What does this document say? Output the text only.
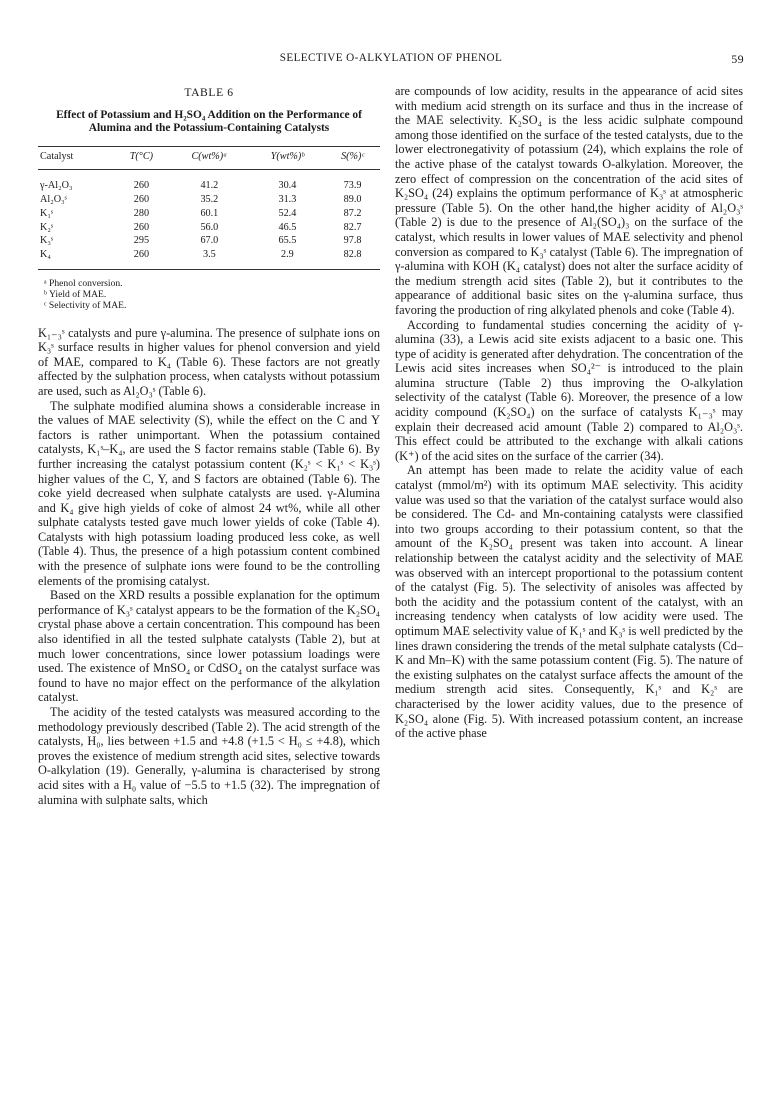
SELECTIVE O-ALKYLATION OF PHENOL	59
TABLE 6
Effect of Potassium and H₂SO₄ Addition on the Performance of Alumina and the Potassium-Containing Catalysts
Catalyst	T(°C)	C(wt%)ᵃ	Y(wt%)ᵇ	S(%)ᶜ
γ-Al₂O₃	260	41.2	30.4	73.9
Al₂O₃ˢ	260	35.2	31.3	89.0
K₁ˢ	280	60.1	52.4	87.2
K₂ˢ	260	56.0	46.5	82.7
K₃ˢ	295	67.0	65.5	97.8
K₄	260	3.5	2.9	82.8
ᵃ Phenol conversion.
ᵇ Yield of MAE.
ᶜ Selectivity of MAE.

K₁₋₃ˢ catalysts and pure γ-alumina. The presence of sulphate ions on K₃ˢ surface results in higher values for phenol conversion and yield of MAE, compared to K₄ (Table 6). These factors are not greatly affected by the sulphation process, when catalysts without potassium are used, such as Al₂O₃ˢ (Table 6).

The sulphate modified alumina shows a considerable increase in the values of MAE selectivity (S), while the effect on the C and Y factors is rather unimportant. When the potassium contained catalysts, K₁ˢ–K₄, are used the S factor remains stable (Table 6). By further increasing the catalyst potassium content (K₂ˢ < K₁ˢ < K₃ˢ) higher values of the C, Y, and S factors are obtained (Table 6). The coke yield decreased when sulphate catalysts are used. γ-Alumina and K₄ give high yields of coke of almost 24 wt%, while all other sulphate catalysts tested gave much lower yields of coke (Table 4). Catalysts with high potassium loading produced less coke, as well (Table 4). Thus, the presence of a high potassium content combined with the presence of sulphate ions were found to be the controlling elements of the promising catalyst.

Based on the XRD results a possible explanation for the optimum performance of K₃ˢ catalyst appears to be the formation of the K₂SO₄ crystal phase above a certain concentration. This compound has been also identified in all the tested sulphate catalysts (Table 2), but at much lower concentrations, since lower potassium loadings were used. The existence of MnSO₄ or CdSO₄ on the catalyst surface was found to have no major effect on the performance of the alkylation catalyst.

The acidity of the tested catalysts was measured according to the methodology previously described (Table 2). The acid strength of the catalysts, H₀, lies between +1.5 and +4.8 (+1.5 < H₀ ≤ +4.8), which proves the existence of medium strength acid sites, selective towards O-alkylation (19). Generally, γ-alumina is characterised by strong acid sites with a H₀ value of −5.5 to +1.5 (32). The impregnation of alumina with sulphate salts, which

are compounds of low acidity, results in the appearance of acid sites with medium acid strength on its surface and thus in the increase of the MAE selectivity. K₂SO₄ is the less acidic sulphate compound among those identified on the surface of the tested catalysts, due to the lower electronegativity of potassium (24), which explains the role of the active phase of the catalyst towards O-alkylation. Moreover, the zero effect of compression on the concentration of the acid sites of K₂SO₄ (24) explains the optimum performance of K₃ˢ at atmospheric pressure (Table 5). On the other hand,the higher acidity of Al₂O₃ˢ (Table 2) is due to the presence of Al₂(SO₄)₃ on the surface of the catalyst, which results in lower values of MAE selectivity and phenol conversion as compared to K₃ˢ catalyst (Table 6). The impregnation of γ-alumina with KOH (K₄ catalyst) does not alter the surface acidity of the medium strength acid sites (Table 2), but it contributes to the appearance of additional basic sites on the γ-alumina surface, thus favoring the production of ring alkylated phenols and coke (Table 4).

According to fundamental studies concerning the acidity of γ-alumina (33), a Lewis acid site exists adjacent to a basic one. This type of acidity is generated after dehydration. The concentration of the Lewis acid sites increases when SO₄²⁻ is introduced to the plain alumina structure (Table 2) thus improving the O-alkylation selectivity of the catalyst (Table 6). Moreover, the presence of a low acidity compound (K₂SO₄) on the surface of catalysts K₁₋₃ˢ may explain their decreased acid amount (Table 2) compared to Al₂O₃ˢ. This effect could be attributed to the exchange with alkali cations (K⁺) of the acid sites on the surface of the carrier (34).

An attempt has been made to relate the acidity value of each catalyst (mmol/m²) with its optimum MAE selectivity. This acidity value was used so that the variation of the catalyst surface would also be considered. The Cd- and Mn-containing catalysts were classified into two groups according to their potassium content, so that the amount of the K₂SO₄ present was taken into account. A linear relationship between the catalyst acidity and the selectivity of MAE was observed with an intercept proportional to the potassium content of the catalyst (Fig. 5). The selectivity of anisoles was affected by both the acidity and the potassium content of the catalyst, with an increasing tendency when catalysts of low acidity were used. The optimum MAE selectivity value of K₁ˢ and K₃ˢ is well predicted by the lines drawn considering the trends of the metal sulphate catalysts (Cd–K and Mn–K) with the same potassium content (Fig. 5). The nature of the existing sulphates on the catalyst surface affects the amount of the medium strength acid sites. Consequently, K₁ˢ and K₂ˢ are characterised by the lower acidity values, due to the presence of K₂SO₄ alone (Fig. 5). With increased potassium content, an increase of the active phase
